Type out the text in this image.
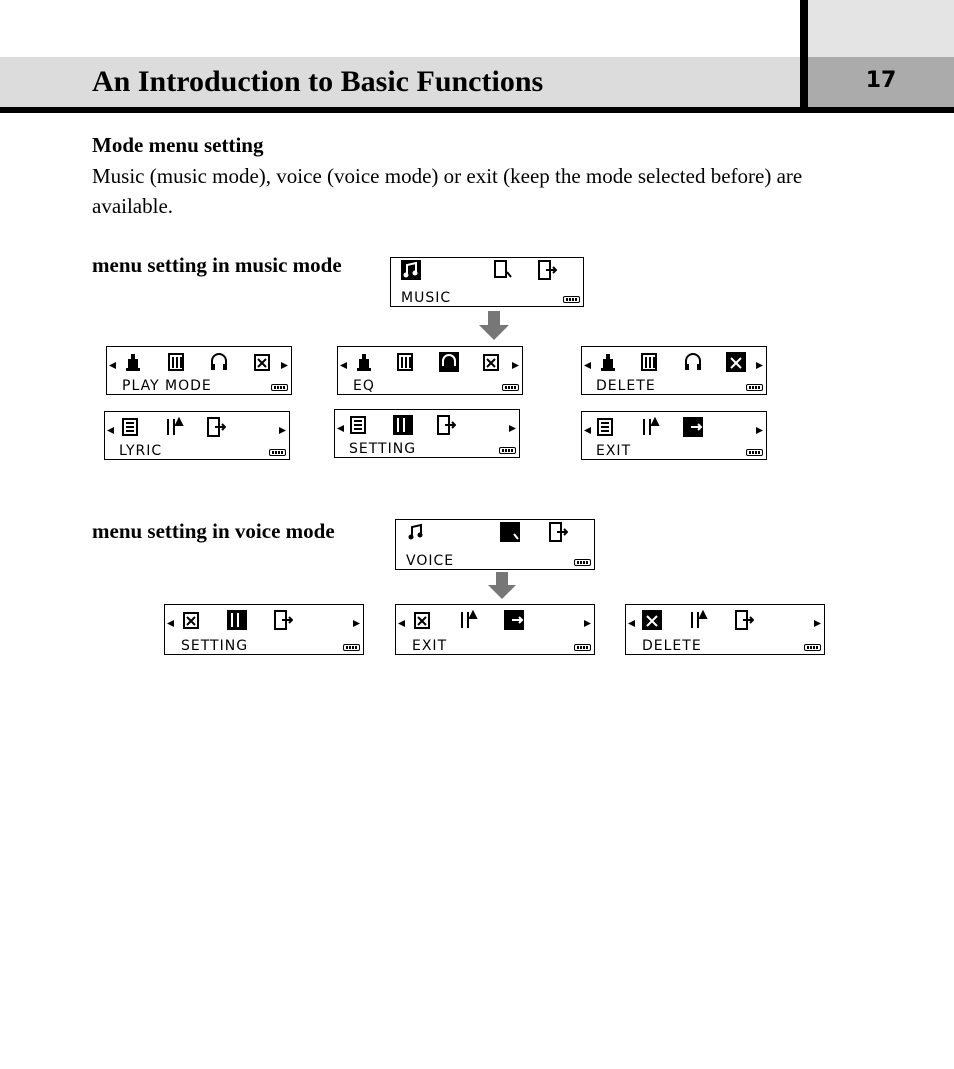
An Introduction to Basic Functions	17
Mode menu setting
Music (music mode), voice (voice mode) or exit (keep the mode selected before) are available.
menu setting in music mode
MUSIC
PLAY MODE	EQ	DELETE
LYRIC	SETTING	EXIT
menu setting in voice mode
VOICE
SETTING	EXIT	DELETE
